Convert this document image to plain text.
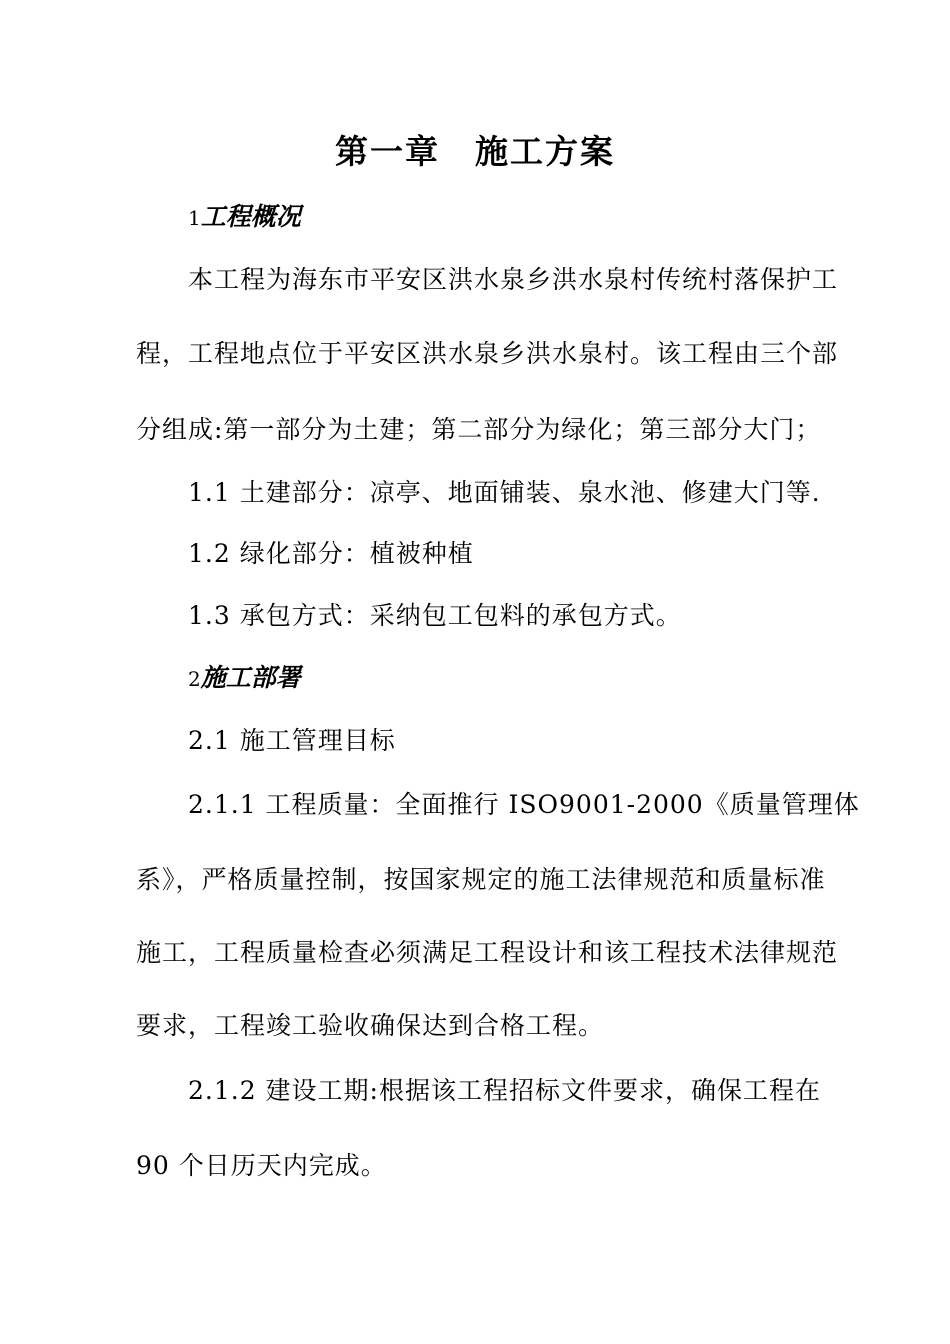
第一章　施工方案
1工程概况
本工程为海东市平安区洪水泉乡洪水泉村传统村落保护工
程，工程地点位于平安区洪水泉乡洪水泉村。该工程由三个部
分组成:第一部分为土建；第二部分为绿化；第三部分大门；
1.1 土建部分：凉亭、地面铺装、泉水池、修建大门等.
1.2 绿化部分：植被种植
1.3 承包方式：采纳包工包料的承包方式。
2施工部署
2.1 施工管理目标
2.1.1 工程质量：全面推行 ISO9001-2000《质量管理体
系》，严格质量控制，按国家规定的施工法律规范和质量标准
施工，工程质量检查必须满足工程设计和该工程技术法律规范
要求，工程竣工验收确保达到合格工程。
2.1.2 建设工期:根据该工程招标文件要求，确保工程在
90 个日历天内完成。
